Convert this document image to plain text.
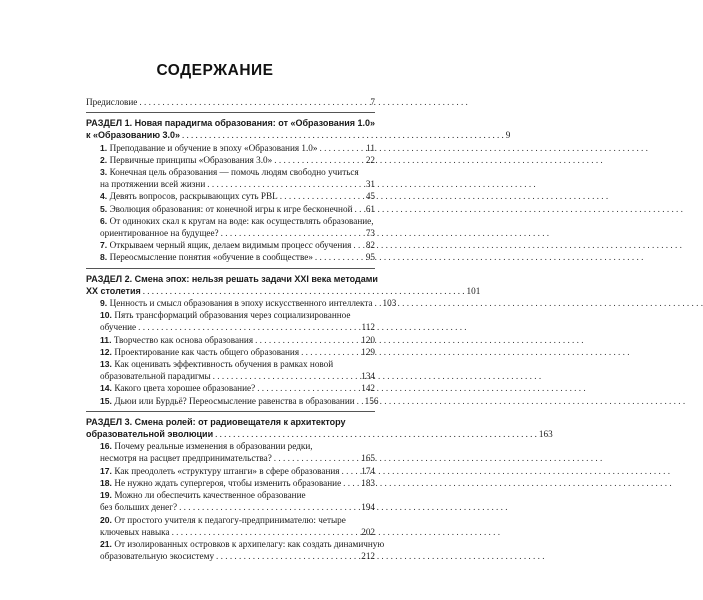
СОДЕРЖАНИЕ
Предисловие . . .	7
РАЗДЕЛ 1. Новая парадигма образования: от «Образования 1.0»
к «Образованию 3.0» . . .	9
1. Преподавание и обучение в эпоху «Образования 1.0» . . .	11
2. Первичные принципы «Образования 3.0» . . .	22
3. Конечная цель образования — помочь людям свободно учиться
на протяжении всей жизни . . .	31
4. Девять вопросов, раскрывающих суть PBL . . .	45
5. Эволюция образования: от конечной игры к игре бесконечной . . . 61
6. От одиноких скал к кругам на воде: как осуществлять образование,
ориентированное на будущее? . . .	73
7. Открываем черный ящик, делаем видимым процесс обучения . . . 82
8. Переосмысление понятия «обучение в сообществе» . . .	95
РАЗДЕЛ 2. Смена эпох: нельзя решать задачи XXI века методами
XX столетия . . .	101
9. Ценность и смысл образования в эпоху искусственного интеллекта . . . 103
10. Пять трансформаций образования через социализированное
обучение . . .	112
11. Творчество как основа образования . . .	120
12. Проектирование как часть общего образования . . .	129
13. Как оценивать эффективность обучения в рамках новой
образовательной парадигмы . . .	134
14. Какого цвета хорошее образование? . . .	142
15. Дьюи или Бурдьё? Переосмысление равенства в образовании . . . 156
РАЗДЕЛ 3. Смена ролей: от радиовещателя к архитектору
образовательной эволюции . . .	163
16. Почему реальные изменения в образовании редки,
несмотря на расцвет предпринимательства? . . .	165
17. Как преодолеть «структуру штанги» в сфере образования . . . 174
18. Не нужно ждать супергероя, чтобы изменить образование . . . 183
19. Можно ли обеспечить качественное образование
без больших денег? . . .	194
20. От простого учителя к педагогу-предпринимателю: четыре
ключевых навыка . . .	202
21. От изолированных островков к архипелагу: как создать динамичную
образовательную экосистему . . .	212
